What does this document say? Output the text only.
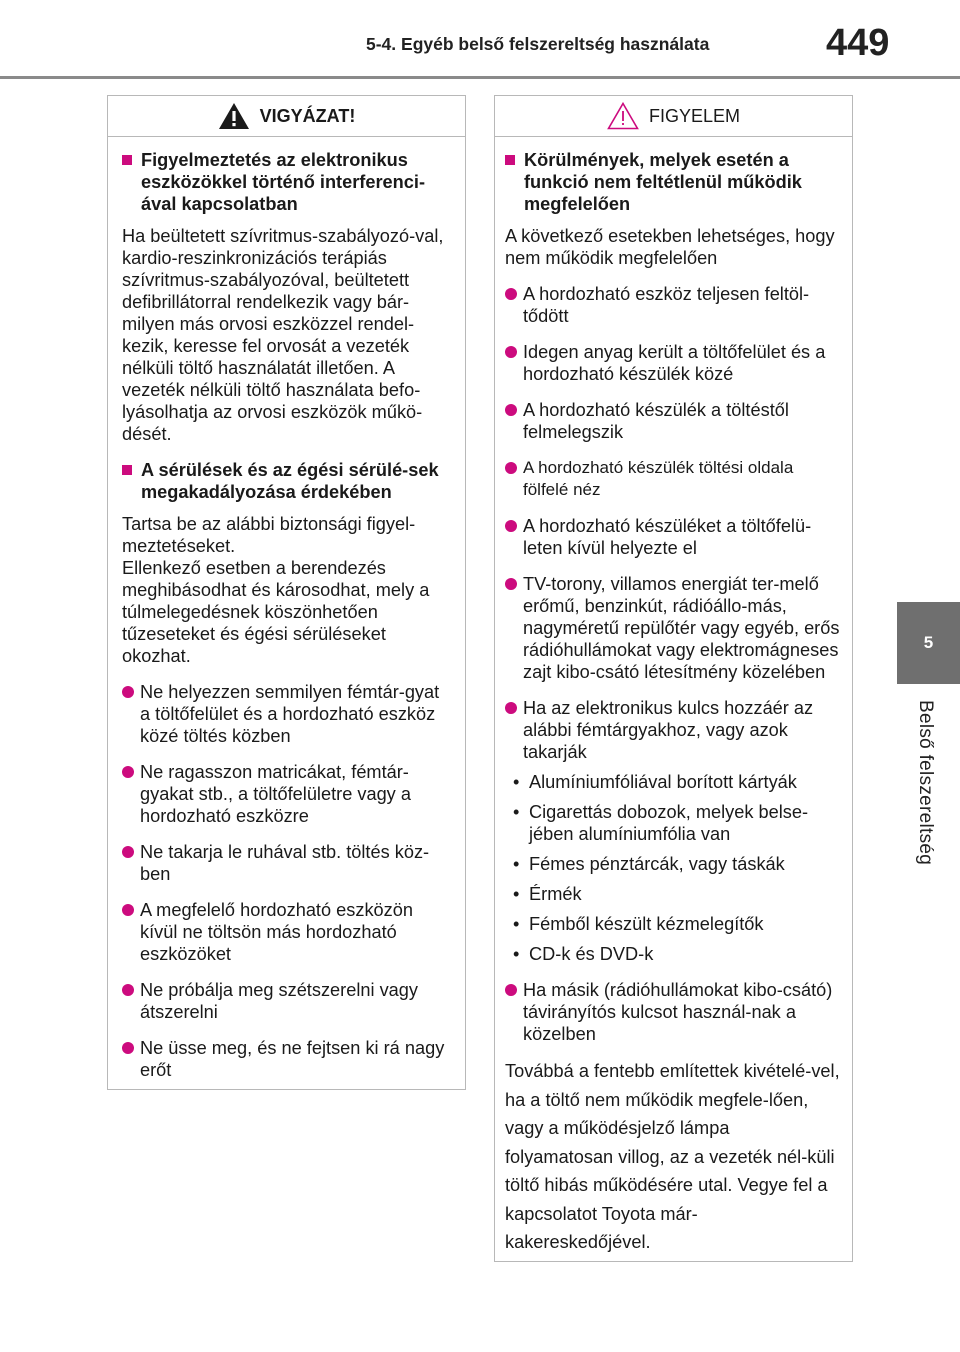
5-4. Egyéb belső felszereltség használata	449
5
Belső felszereltség
VIGYÁZAT!
Figyelmeztetés az elektronikus eszközökkel történő interferenci-ával kapcsolatban
Ha beültetett szívritmus-szabályozó-val, kardio-reszinkronizációs terápiás szívritmus-szabályozóval, beültetett defibrillátorral rendelkezik vagy bár-milyen más orvosi eszközzel rendel-kezik, keresse fel orvosát a vezeték nélküli töltő használatát illetően. A vezeték nélküli töltő használata befo-lyásolhatja az orvosi eszközök műkö-dését.
A sérülések és az égési sérülé-sek megakadályozása érdekében
Tartsa be az alábbi biztonsági figyel-meztetéseket.
Ellenkező esetben a berendezés meghibásodhat és károsodhat, mely a túlmelegedésnek köszönhetően tűzeseteket és égési sérüléseket okozhat.
Ne helyezzen semmilyen fémtár-gyat a töltőfelület és a hordozható eszköz közé töltés közben
Ne ragasszon matricákat, fémtár-gyakat stb., a töltőfelületre vagy a hordozható eszközre
Ne takarja le ruhával stb. töltés köz-ben
A megfelelő hordozható eszközön kívül ne töltsön más hordozható eszközöket
Ne próbálja meg szétszerelni vagy átszerelni
Ne üsse meg, és ne fejtsen ki rá nagy erőt
FIGYELEM
Körülmények, melyek esetén a funkció nem feltétlenül működik megfelelően
A következő esetekben lehetséges, hogy nem működik megfelelően
A hordozható eszköz teljesen feltöl-tődött
Idegen anyag került a töltőfelület és a hordozható készülék közé
A hordozható készülék a töltéstől felmelegszik
A hordozható készülék töltési oldala fölfelé néz
A hordozható készüléket a töltőfelü-leten kívül helyezte el
TV-torony, villamos energiát ter-melő erőmű, benzinkút, rádióállo-más, nagyméretű repülőtér vagy egyéb, erős rádióhullámokat vagy elektromágneses zajt kibo-csátó létesítmény közelében
Ha az elektronikus kulcs hozzáér az alábbi fémtárgyakhoz, vagy azok takarják
• Alumíniumfóliával borított kártyák
• Cigarettás dobozok, melyek belse-jében alumíniumfólia van
• Fémes pénztárcák, vagy táskák
• Érmék
• Fémből készült kézmelegítők
• CD-k és DVD-k
Ha másik (rádióhullámokat kibo-csátó) távirányítós kulcsot használ-nak a közelben
Továbbá a fentebb említettek kivételé-vel, ha a töltő nem működik megfele-lően, vagy a működésjelző lámpa folyamatosan villog, az a vezeték nél-küli töltő hibás működésére utal. Vegye fel a kapcsolatot Toyota már-kakereskedőjével.
